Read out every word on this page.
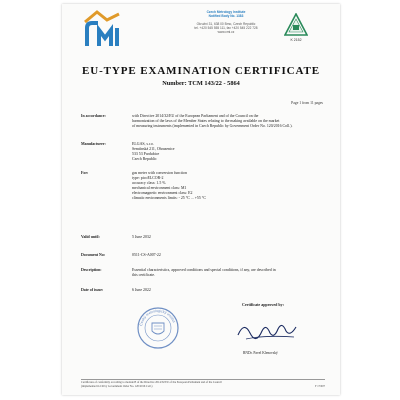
Czech Metrology Institute
Notified Body No. 1383
Okružní 31, 638 00 Brno, Czech Republic
tel. +420 545 555 111, fax +420 545 222 728
www.cmi.cz
K 2152
EU-TYPE EXAMINATION CERTIFICATE
Number: TCM 143/22 - 5864
Page 1 from 11 pages
In accordance:	with Directive 2014/32/EU of the European Parliament and of the Council on the
harmonization of the laws of the Member States relating to the making available on the market
of measuring instruments (implemented in Czech Republic by Government Order No. 120/2016 Coll.).
Manufacturer:	ELGAS, s.r.o.
Semtínská 211, Ohrazenice
533 53 Pardubice
Czech Republic
For:	gas meter with conversion function
type: picoELCOR-2
accuracy class: 1.5 %
mechanical environment class: M1
electromagnetic environment class: E2
climatic environments limits: - 25 °C ... +55 °C
Valid until:	5 June 2032
Document No:	0511-CS-A007-22
Description:	Essential characteristics, approved conditions and special conditions, if any, are described in
this certificate.
Date of issue:	6 June 2022
Certificate approved by:
Český metrologický institut
RNDr. Pavel Klenovský
Certificates of conformity according to module B of the Directive 2014/32/EU of the European Parliament and of the Council
(implemented in CR by Government Order No. 120/2016 Coll.)	F 17/007
